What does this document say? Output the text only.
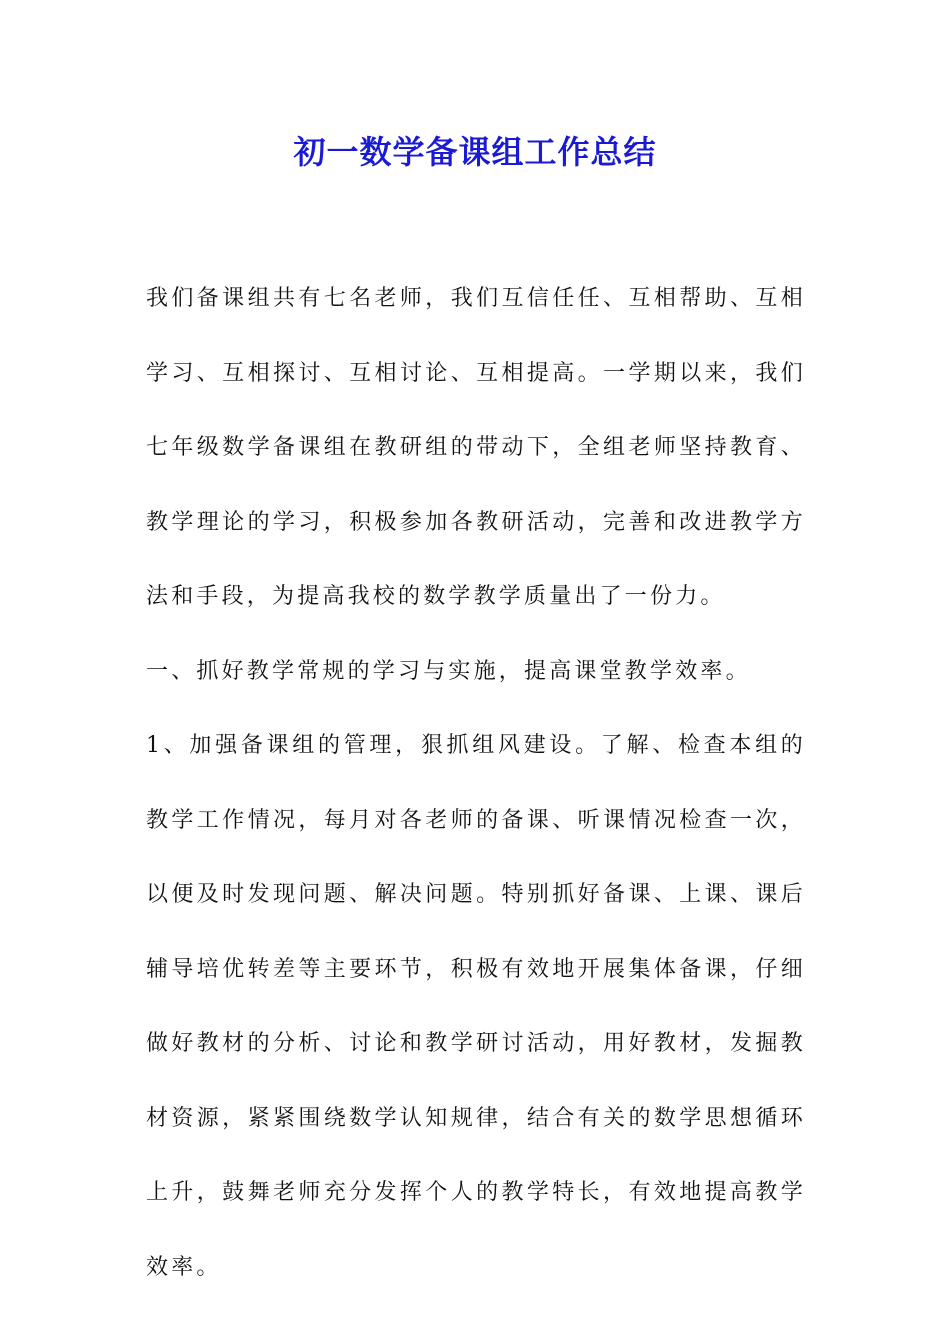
初一数学备课组工作总结

我们备课组共有七名老师，我们互信任任、互相帮助、互相学习、互相探讨、互相讨论、互相提高。一学期以来，我们七年级数学备课组在教研组的带动下，全组老师坚持教育、教学理论的学习，积极参加各教研活动，完善和改进教学方法和手段，为提高我校的数学教学质量出了一份力。

一、抓好教学常规的学习与实施，提高课堂教学效率。

1、加强备课组的管理，狠抓组风建设。了解、检查本组的教学工作情况，每月对各老师的备课、听课情况检查一次，以便及时发现问题、解决问题。特别抓好备课、上课、课后辅导培优转差等主要环节，积极有效地开展集体备课，仔细做好教材的分析、讨论和教学研讨活动，用好教材，发掘教材资源，紧紧围绕数学认知规律，结合有关的数学思想循环上升，鼓舞老师充分发挥个人的教学特长，有效地提高教学效率。
